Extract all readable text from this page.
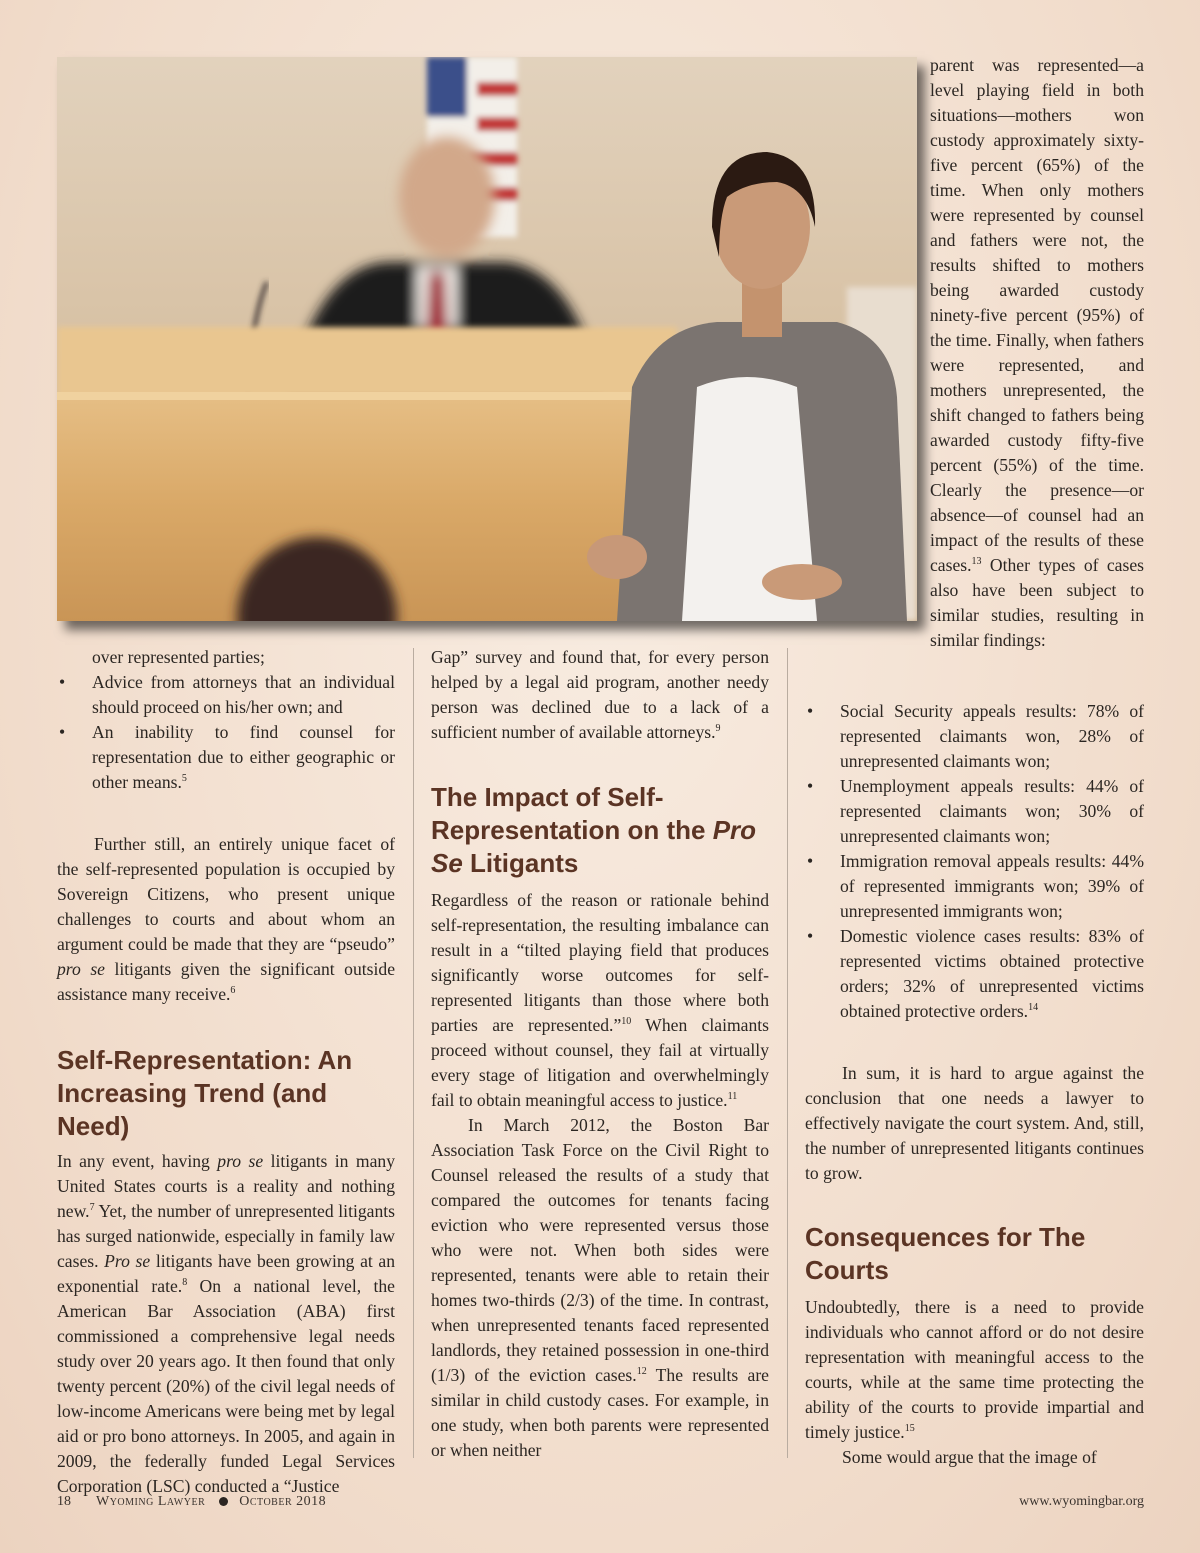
parent was represented—a level playing field in both situations—mothers won custody approximately sixty-five percent (65%) of the time. When only mothers were represented by counsel and fathers were not, the results shifted to mothers being awarded custody ninety-five percent (95%) of the time. Finally, when fathers were represented, and mothers unrepresented, the shift changed to fathers being awarded custody fifty-five percent (55%) of the time. Clearly the presence—or absence—of counsel had an impact of the results of these cases.$^{13}$ Other types of cases also have been subject to similar studies, resulting in similar findings:

over represented parties;

• Advice from attorneys that an individual should proceed on his/her own; and
• An inability to find counsel for representation due to either geographic or other means.$^5$

Further still, an entirely unique facet of the self-represented population is occupied by Sovereign Citizens, who present unique challenges to courts and about whom an argument could be made that they are “pseudo” pro se litigants given the significant outside assistance many receive.$^6$

Self-Representation: An Increasing Trend (and Need)

In any event, having pro se litigants in many United States courts is a reality and nothing new.$^7$ Yet, the number of unrepresented litigants has surged nationwide, especially in family law cases. Pro se litigants have been growing at an exponential rate.$^8$ On a national level, the American Bar Association (ABA) first commissioned a comprehensive legal needs study over 20 years ago. It then found that only twenty percent (20%) of the civil legal needs of low-income Americans were being met by legal aid or pro bono attorneys. In 2005, and again in 2009, the federally funded Legal Services Corporation (LSC) conducted a “Justice

Gap” survey and found that, for every person helped by a legal aid program, another needy person was declined due to a lack of a sufficient number of available attorneys.$^9$

The Impact of Self-Representation on the Pro Se Litigants

Regardless of the reason or rationale behind self-representation, the resulting imbalance can result in a “tilted playing field that produces significantly worse outcomes for self-represented litigants than those where both parties are represented.”$^{10}$ When claimants proceed without counsel, they fail at virtually every stage of litigation and overwhelmingly fail to obtain meaningful access to justice.$^{11}$

In March 2012, the Boston Bar Association Task Force on the Civil Right to Counsel released the results of a study that compared the outcomes for tenants facing eviction who were represented versus those who were not. When both sides were represented, tenants were able to retain their homes two-thirds (2/3) of the time. In contrast, when unrepresented tenants faced represented landlords, they retained possession in one-third (1/3) of the eviction cases.$^{12}$ The results are similar in child custody cases. For example, in one study, when both parents were represented or when neither

• Social Security appeals results: 78% of represented claimants won, 28% of unrepresented claimants won;
• Unemployment appeals results: 44% of represented claimants won; 30% of unrepresented claimants won;
• Immigration removal appeals results: 44% of represented immigrants won; 39% of unrepresented immigrants won;
• Domestic violence cases results: 83% of represented victims obtained protective orders; 32% of unrepresented victims obtained protective orders.$^{14}$

In sum, it is hard to argue against the conclusion that one needs a lawyer to effectively navigate the court system. And, still, the number of unrepresented litigants continues to grow.

Consequences for The Courts

Undoubtedly, there is a need to provide individuals who cannot afford or do not desire representation with meaningful access to the courts, while at the same time protecting the ability of the courts to provide impartial and timely justice.$^{15}$

Some would argue that the image of

18 Wyoming Lawyer October 2018	www.wyomingbar.org
